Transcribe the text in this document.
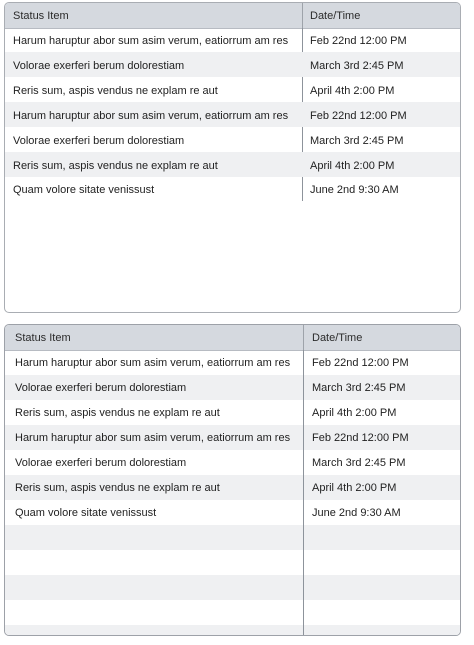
Status Item	Date/Time
Harum haruptur abor sum asim verum, eatiorrum am res Feb 22nd 12:00 PM
Volorae exerferi berum dolorestiam	March 3rd 2:45 PM
Reris sum, aspis vendus ne explam re aut	April 4th 2:00 PM
Harum haruptur abor sum asim verum, eatiorrum am res Feb 22nd 12:00 PM
Volorae exerferi berum dolorestiam	March 3rd 2:45 PM
Reris sum, aspis vendus ne explam re aut	April 4th 2:00 PM
Quam volore sitate venissust	June 2nd 9:30 AM
Status Item	Date/Time
Harum haruptur abor sum asim verum, eatiorrum am res Feb 22nd 12:00 PM
Volorae exerferi berum dolorestiam	March 3rd 2:45 PM
Reris sum, aspis vendus ne explam re aut	April 4th 2:00 PM
Harum haruptur abor sum asim verum, eatiorrum am res Feb 22nd 12:00 PM
Volorae exerferi berum dolorestiam	March 3rd 2:45 PM
Reris sum, aspis vendus ne explam re aut	April 4th 2:00 PM
Quam volore sitate venissust	June 2nd 9:30 AM
